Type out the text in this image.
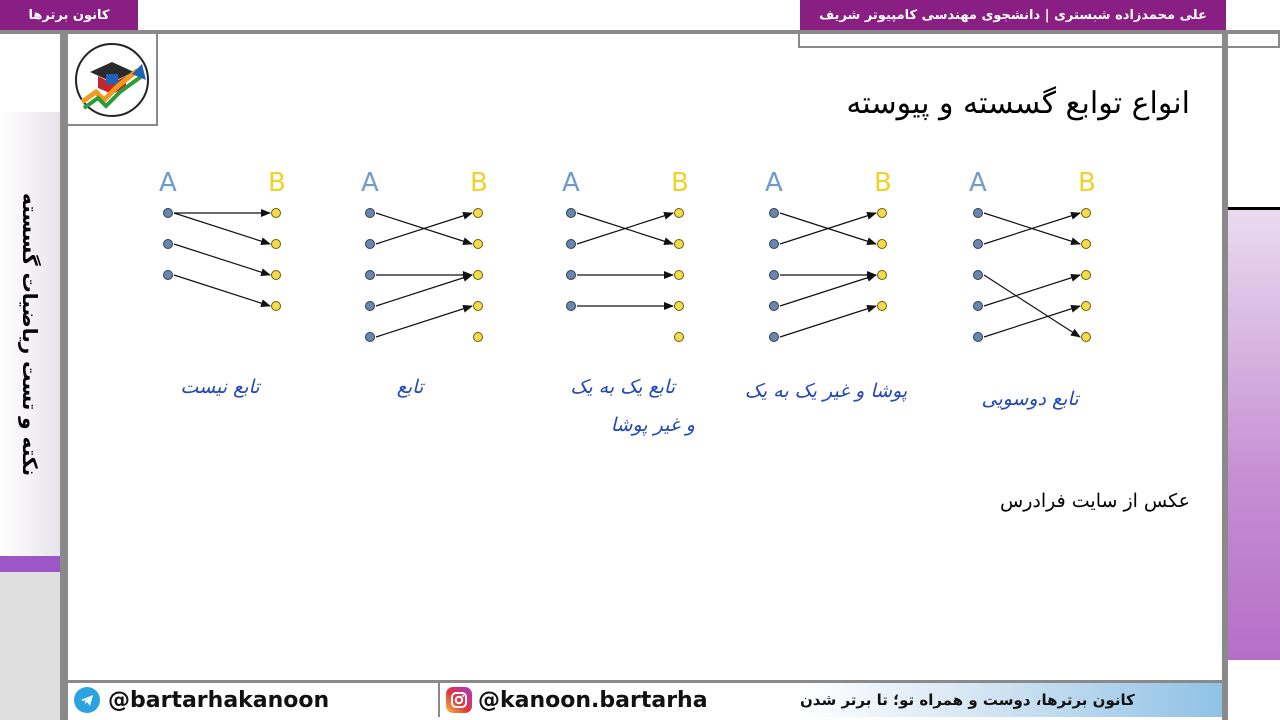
کانون برترها	علی محمدزاده شبستری | دانشجوی مهندسی کامپیوتر شریف
نکته و تست ریاضیات گسسته
انواع توابع گسسته و پیوسته
A	B	A	B	A	B	A	B	A	B
تابع نیست	تابع	تابع یک به یک
و غیر پوشا
پوشا و غیر یک به یک	تابع دوسویی
عکس از سایت فرادرس
@bartarhakanoon	@kanoon.bartarha	کانون برترها، دوست و همراه تو؛ تا برتر شدن
